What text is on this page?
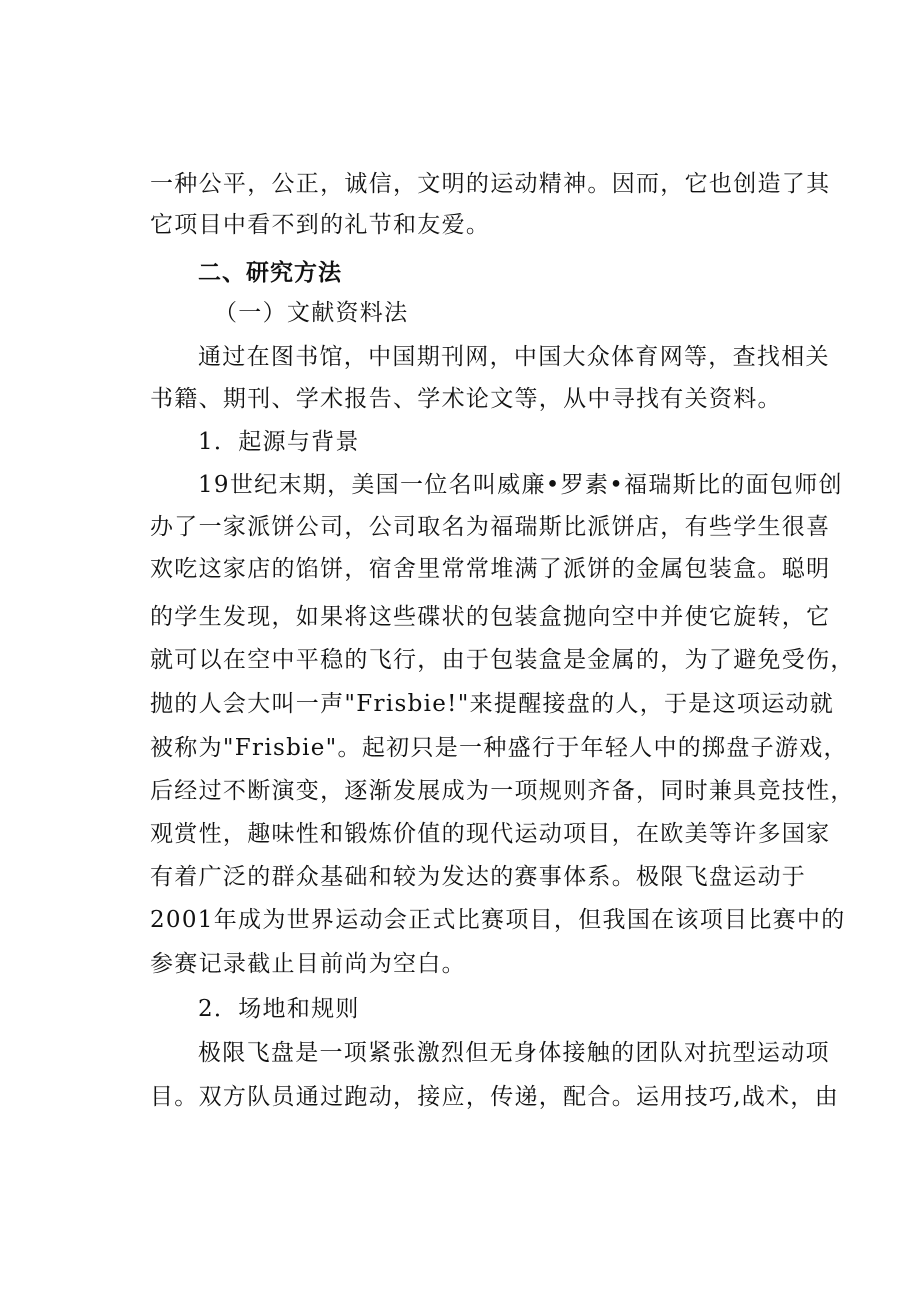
一种公平，公正，诚信，文明的运动精神。因而，它也创造了其
它项目中看不到的礼节和友爱。
二、研究方法
（一）文献资料法
通过在图书馆，中国期刊网，中国大众体育网等，查找相关
书籍、期刊、学术报告、学术论文等，从中寻找有关资料。
1．起源与背景
19世纪末期，美国一位名叫威廉•罗素•福瑞斯比的面包师创
办了一家派饼公司，公司取名为福瑞斯比派饼店，有些学生很喜
欢吃这家店的馅饼，宿舍里常常堆满了派饼的金属包装盒。聪明
的学生发现，如果将这些碟状的包装盒抛向空中并使它旋转，它
就可以在空中平稳的飞行，由于包装盒是金属的，为了避免受伤，
抛的人会大叫一声"Frisbie!"来提醒接盘的人，于是这项运动就
被称为"Frisbie"。起初只是一种盛行于年轻人中的掷盘子游戏，
后经过不断演变，逐渐发展成为一项规则齐备，同时兼具竞技性，
观赏性，趣味性和锻炼价值的现代运动项目，在欧美等许多国家
有着广泛的群众基础和较为发达的赛事体系。极限飞盘运动于
2001年成为世界运动会正式比赛项目，但我国在该项目比赛中的
参赛记录截止目前尚为空白。
2．场地和规则
极限飞盘是一项紧张激烈但无身体接触的团队对抗型运动项
目。双方队员通过跑动，接应，传递，配合。运用技巧,战术，由
